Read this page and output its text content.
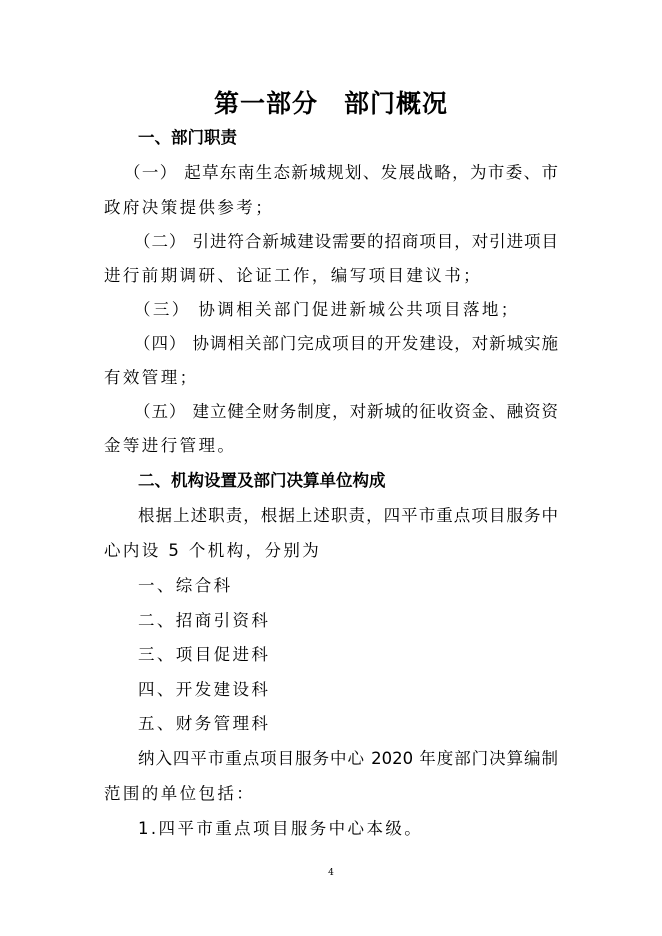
第一部分　部门概况
一、部门职责
（一） 起草东南生态新城规划、发展战略，为市委、市
政府决策提供参考；
（二） 引进符合新城建设需要的招商项目，对引进项目
进行前期调研、论证工作，编写项目建议书；
（三） 协调相关部门促进新城公共项目落地；
（四） 协调相关部门完成项目的开发建设，对新城实施
有效管理；
（五） 建立健全财务制度，对新城的征收资金、融资资
金等进行管理。
二、机构设置及部门决算单位构成
根据上述职责，根据上述职责，四平市重点项目服务中
心内设 5 个机构，分别为
一、综合科
二、招商引资科
三、项目促进科
四、开发建设科
五、财务管理科
纳入四平市重点项目服务中心 2020 年度部门决算编制
范围的单位包括：
1.四平市重点项目服务中心本级。
4
